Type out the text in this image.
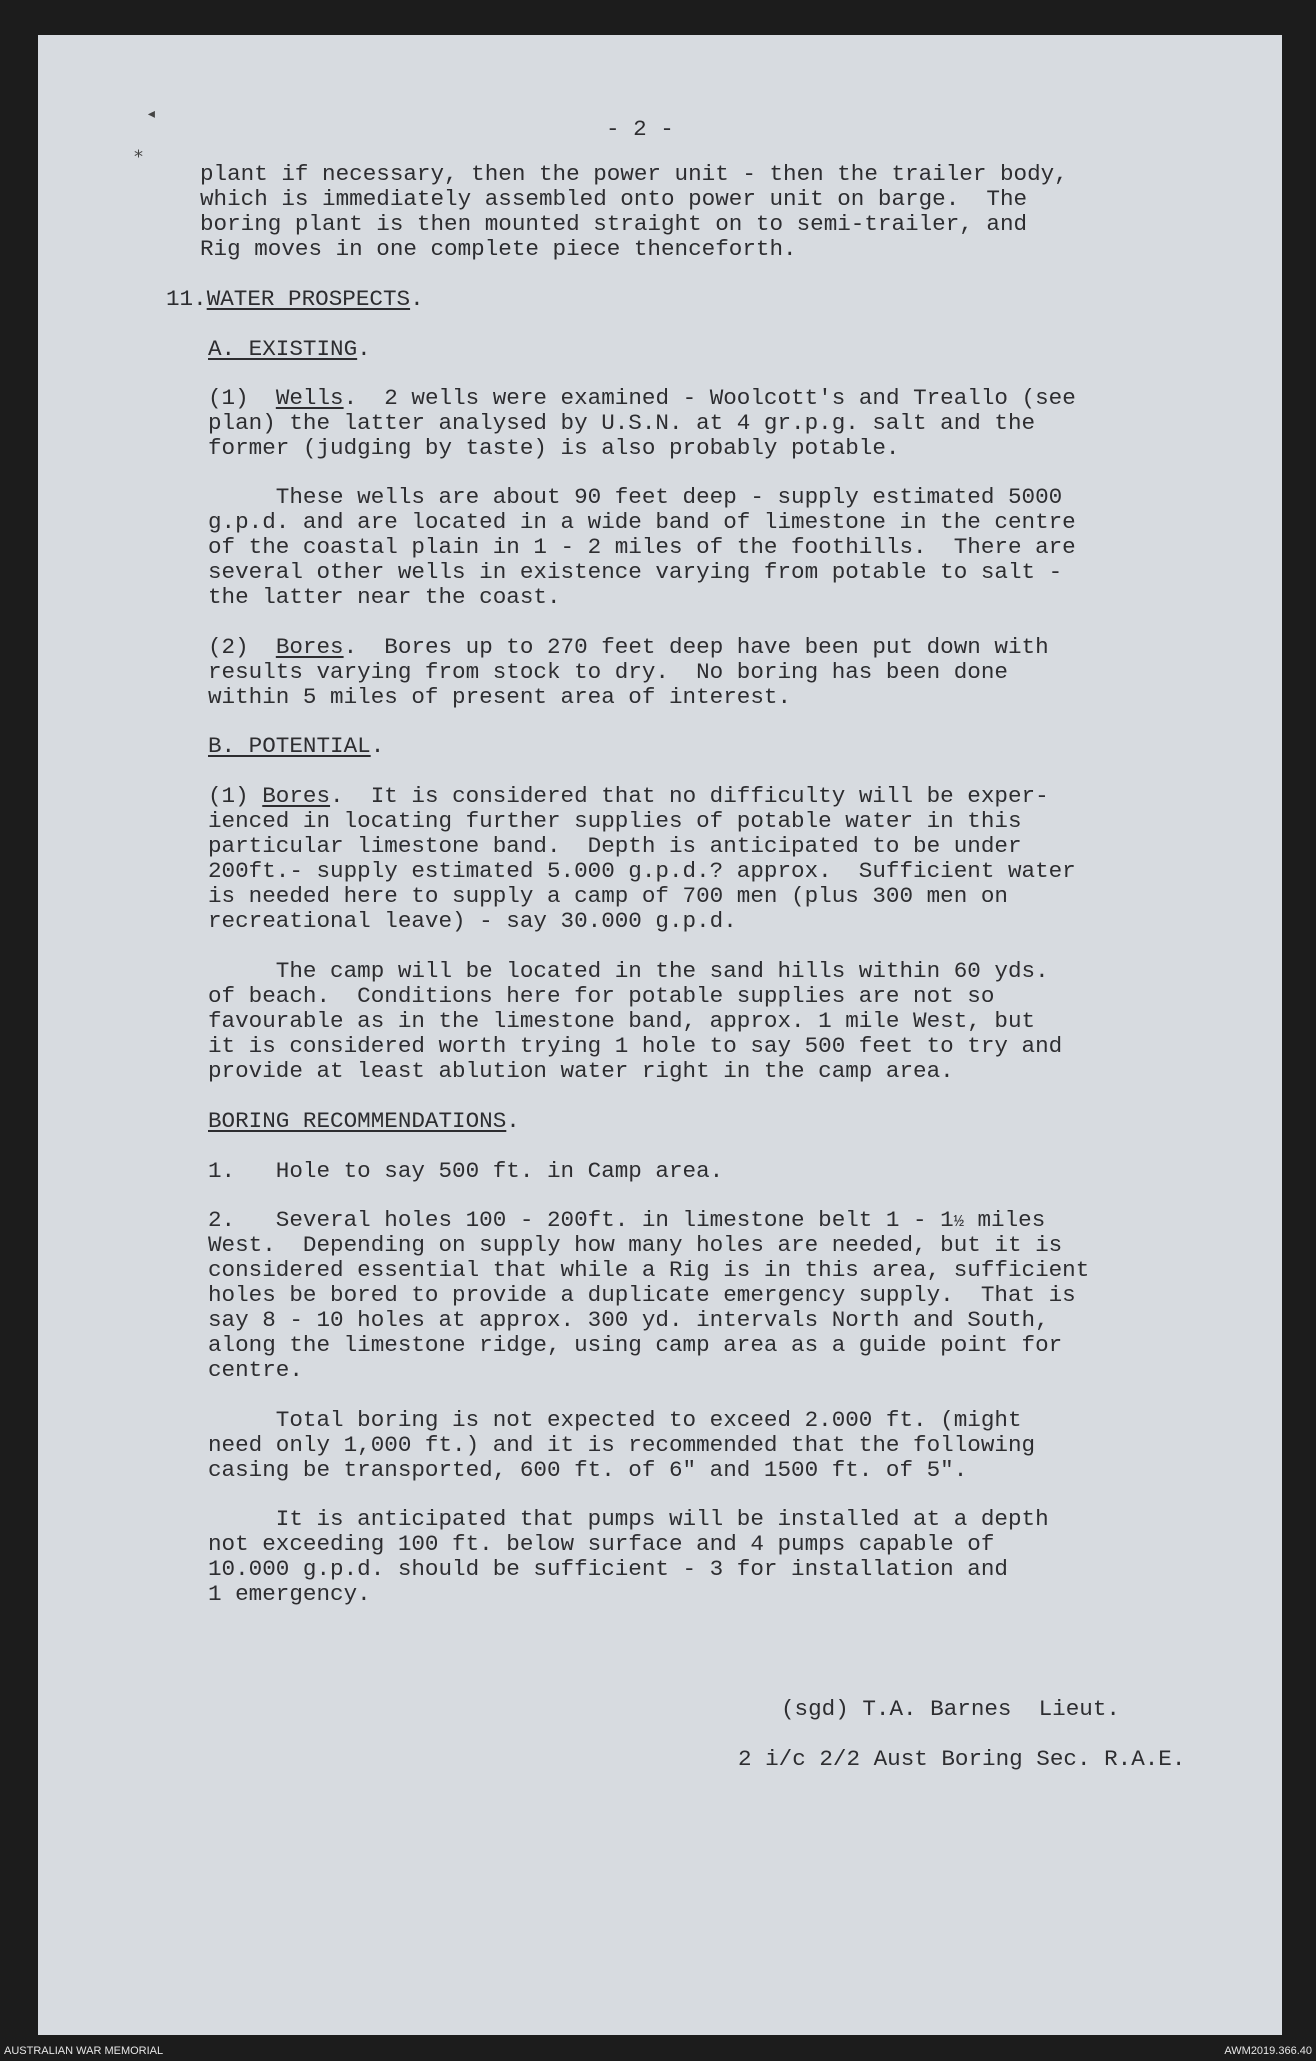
- 2 -
◂
⁎
plant if necessary, then the power unit - then the trailer body,
which is immediately assembled onto power unit on barge.  The
boring plant is then mounted straight on to semi-trailer, and
Rig moves in one complete piece thenceforth.
11.WATER PROSPECTS.
A. EXISTING.
(1) Wells.  2 wells were examined - Woolcott's and Treallo (see
plan) the latter analysed by U.S.N. at 4 gr.p.g. salt and the
former (judging by taste) is also probably potable.
These wells are about 90 feet deep - supply estimated 5000
g.p.d. and are located in a wide band of limestone in the centre
of the coastal plain in 1 - 2 miles of the foothills.  There are
several other wells in existence varying from potable to salt -
the latter near the coast.
(2) Bores.  Bores up to 270 feet deep have been put down with
results varying from stock to dry.  No boring has been done
within 5 miles of present area of interest.
B. POTENTIAL.
(1) Bores.  It is considered that no difficulty will be exper-
ienced in locating further supplies of potable water in this
particular limestone band.  Depth is anticipated to be under
200ft.- supply estimated 5.000 g.p.d.? approx.  Sufficient water
is needed here to supply a camp of 700 men (plus 300 men on
recreational leave) - say 30.000 g.p.d.
The camp will be located in the sand hills within 60 yds.
of beach.  Conditions here for potable supplies are not so
favourable as in the limestone band, approx. 1 mile West, but
it is considered worth trying 1 hole to say 500 feet to try and
provide at least ablution water right in the camp area.
BORING RECOMMENDATIONS.
1.   Hole to say 500 ft. in Camp area.
2.   Several holes 100 - 200ft. in limestone belt 1 - 1½ miles
West.  Depending on supply how many holes are needed, but it is
considered essential that while a Rig is in this area, sufficient
holes be bored to provide a duplicate emergency supply.  That is
say 8 - 10 holes at approx. 300 yd. intervals North and South,
along the limestone ridge, using camp area as a guide point for
centre.
Total boring is not expected to exceed 2.000 ft. (might
need only 1,000 ft.) and it is recommended that the following
casing be transported, 600 ft. of 6" and 1500 ft. of 5".
It is anticipated that pumps will be installed at a depth
not exceeding 100 ft. below surface and 4 pumps capable of
10.000 g.p.d. should be sufficient - 3 for installation and
1 emergency.
(sgd) T.A. Barnes  Lieut.
2 i/c 2/2 Aust Boring Sec. R.A.E.
AUSTRALIAN WAR MEMORIAL	AWM2019.366.40
